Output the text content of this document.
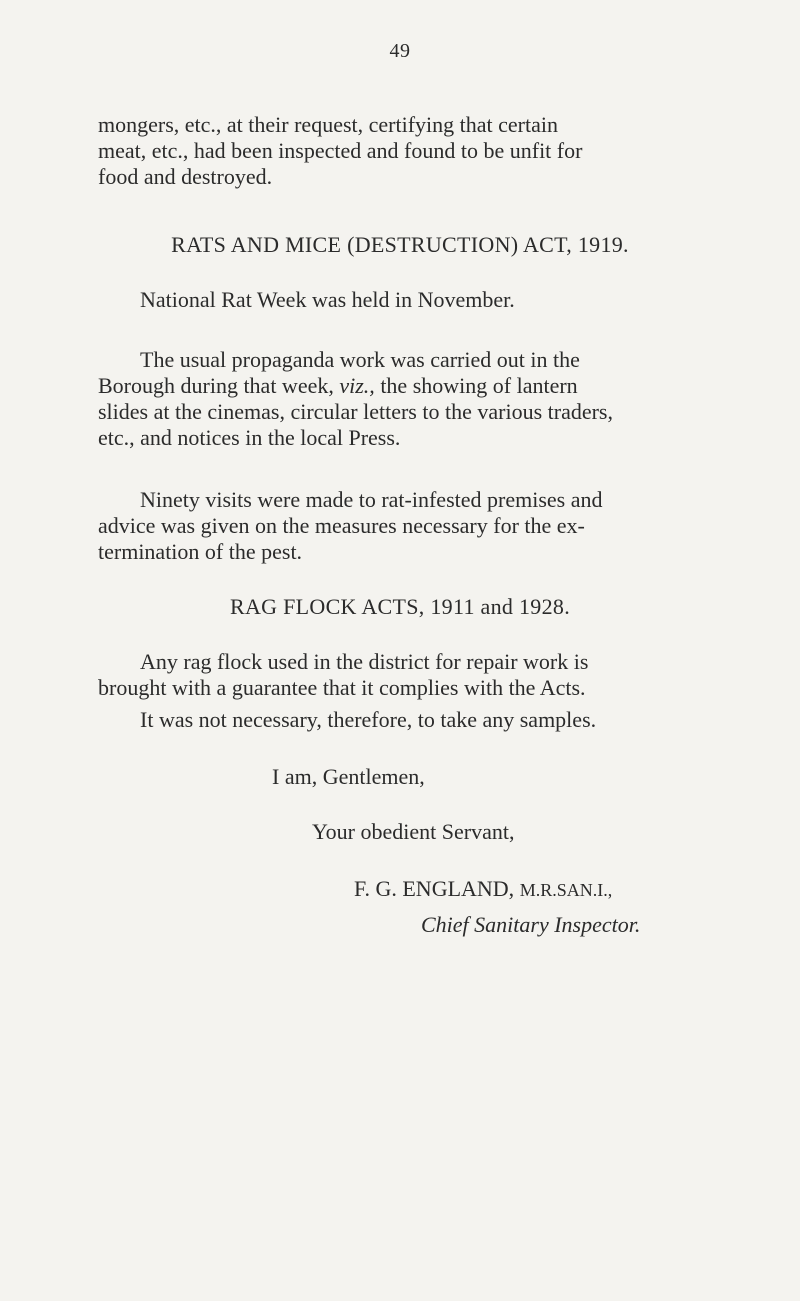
49

mongers, etc., at their request, certifying that certain
meat, etc., had been inspected and found to be unfit for
food and destroyed.

RATS AND MICE (DESTRUCTION) ACT, 1919.
National Rat Week was held in November.

The usual propaganda work was carried out in the
Borough during that week, viz., the showing of lantern
slides at the cinemas, circular letters to the various traders,
etc., and notices in the local Press.

Ninety visits were made to rat-infested premises and
advice was given on the measures necessary for the ex-
termination of the pest.

RAG FLOCK ACTS, 1911 and 1928.

Any rag flock used in the district for repair work is
brought with a guarantee that it complies with the Acts.

It was not necessary, therefore, to take any samples.
I am, Gentlemen,
Your obedient Servant,
F. G. ENGLAND, M.R.SAN.I.,
Chief Sanitary Inspector.
